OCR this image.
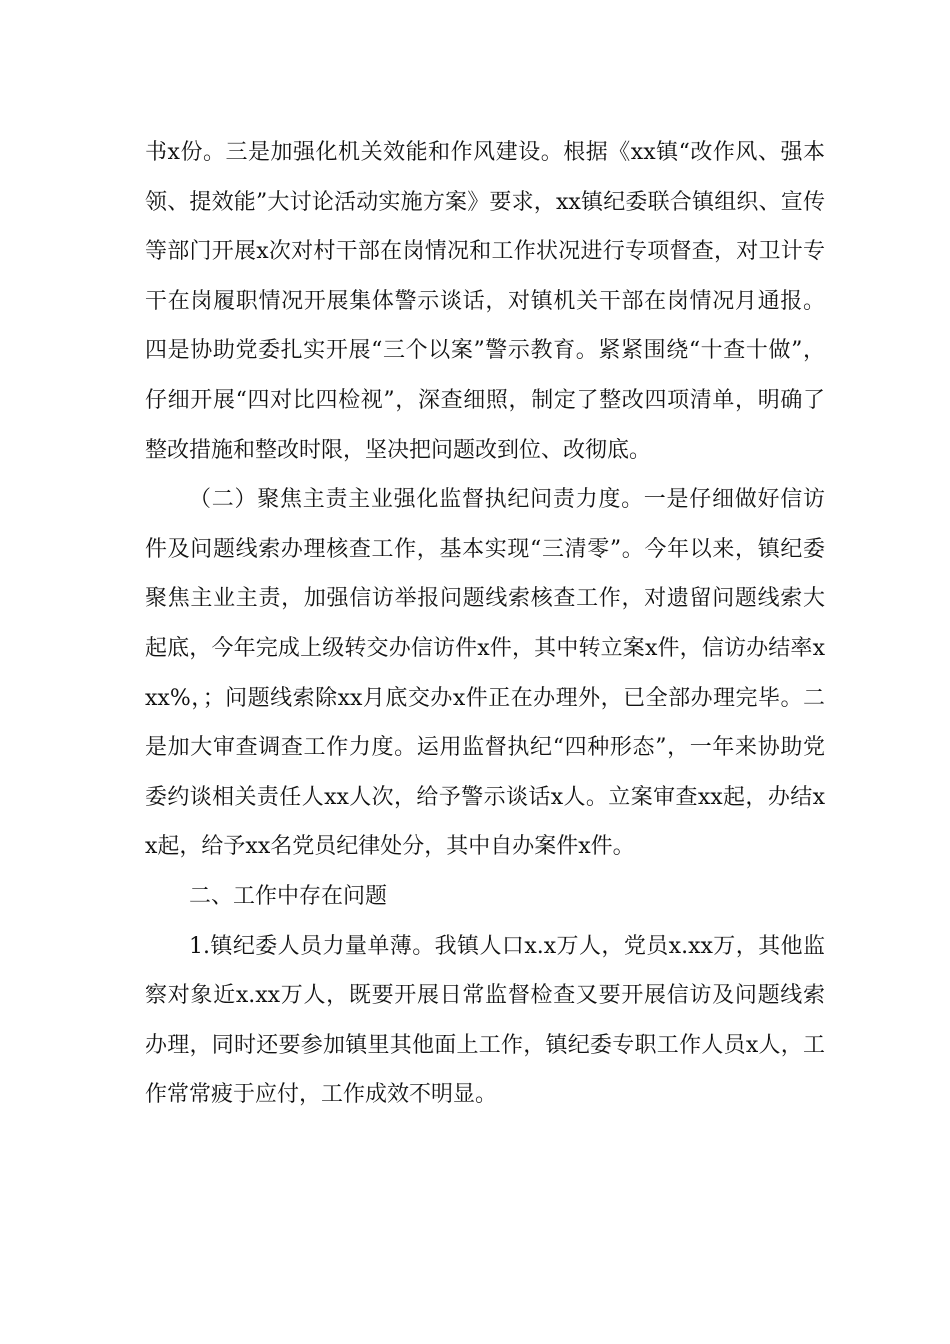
书x份。三是加强化机关效能和作风建设。根据《xx镇“改作风、强本领、提效能”大讨论活动实施方案》要求，xx镇纪委联合镇组织、宣传等部门开展x次对村干部在岗情况和工作状况进行专项督查，对卫计专干在岗履职情况开展集体警示谈话，对镇机关干部在岗情况月通报。四是协助党委扎实开展“三个以案”警示教育。紧紧围绕“十查十做”，仔细开展“四对比四检视”，深查细照，制定了整改四项清单，明确了整改措施和整改时限，坚决把问题改到位、改彻底。

（二）聚焦主责主业强化监督执纪问责力度。一是仔细做好信访件及问题线索办理核查工作，基本实现“三清零”。今年以来，镇纪委聚焦主业主责，加强信访举报问题线索核查工作，对遗留问题线索大起底，今年完成上级转交办信访件x件，其中转立案x件，信访办结率xxx%，；问题线索除xx月底交办x件正在办理外，已全部办理完毕。二是加大审查调查工作力度。运用监督执纪“四种形态”，一年来协助党委约谈相关责任人xx人次，给予警示谈话x人。立案审查xx起，办结xx起，给予xx名党员纪律处分，其中自办案件x件。

二、工作中存在问题

1.镇纪委人员力量单薄。我镇人口x.x万人，党员x.xx万，其他监察对象近x.xx万人，既要开展日常监督检查又要开展信访及问题线索办理，同时还要参加镇里其他面上工作，镇纪委专职工作人员x人，工作常常疲于应付，工作成效不明显。
